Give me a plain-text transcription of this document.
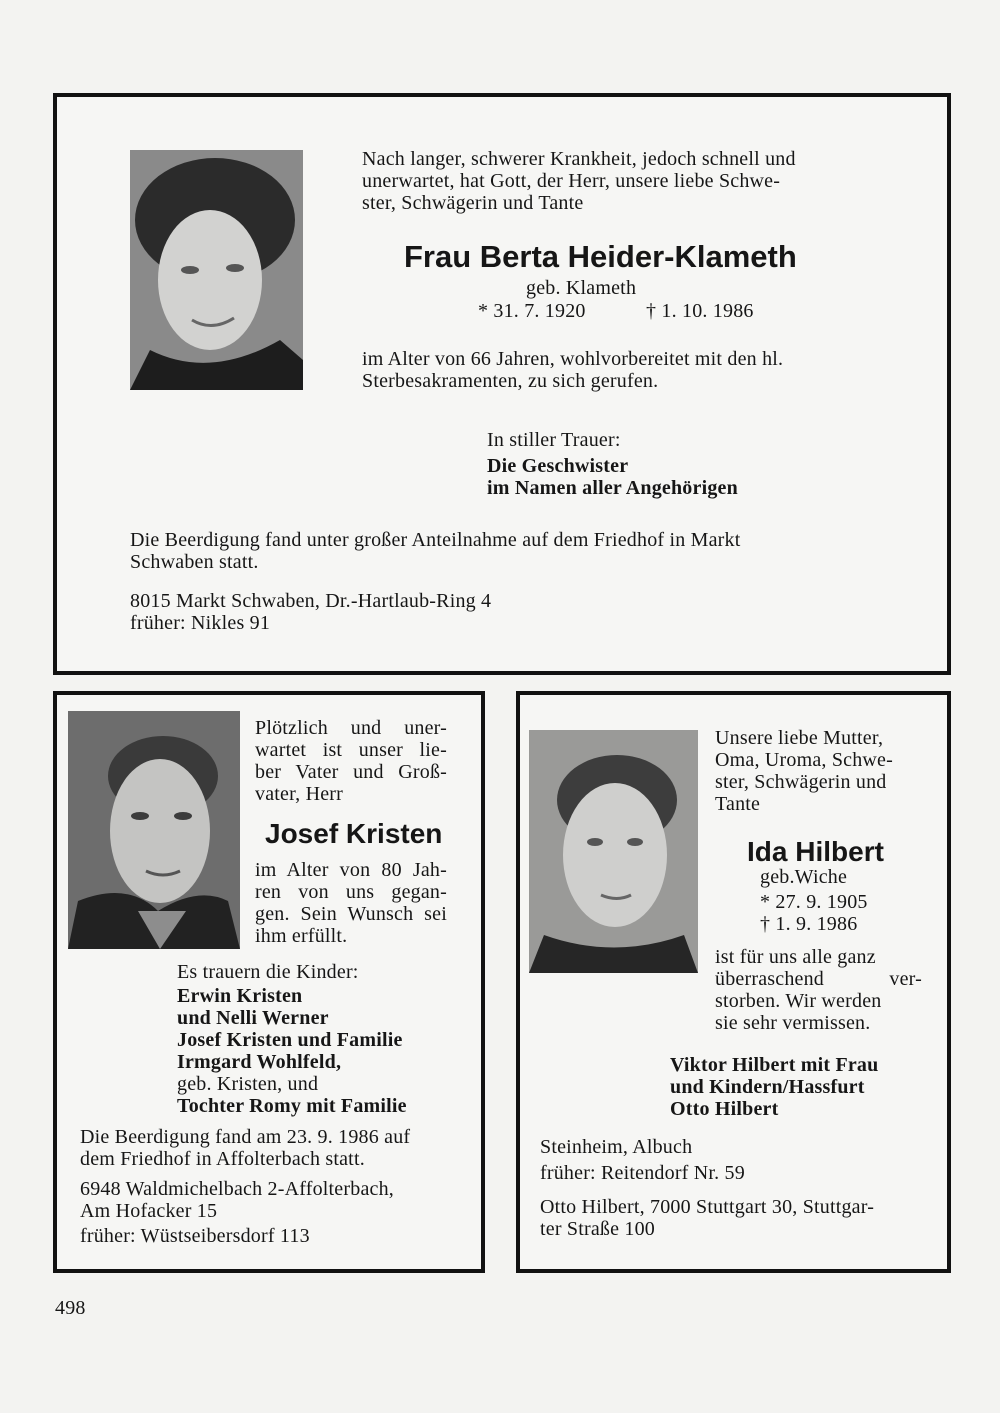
Nach langer, schwerer Krankheit, jedoch schnell und
unerwartet, hat Gott, der Herr, unsere liebe Schwe-
ster, Schwägerin und Tante
Frau Berta Heider-Klameth
geb. Klameth
* 31. 7. 1920	† 1. 10. 1986
im Alter von 66 Jahren, wohlvorbereitet mit den hl.
Sterbesakramenten, zu sich gerufen.
In stiller Trauer:
Die Geschwister
im Namen aller Angehörigen
Die Beerdigung fand unter großer Anteilnahme auf dem Friedhof in Markt
Schwaben statt.
8015 Markt Schwaben, Dr.-Hartlaub-Ring 4
früher: Nikles 91
Plötzlich und uner-
wartet ist unser lie-
ber Vater und Groß-
vater, Herr
Josef Kristen
im Alter von 80 Jah-
ren von uns gegan-
gen. Sein Wunsch sei
ihm erfüllt.
Es trauern die Kinder:
Erwin Kristen
und Nelli Werner
Josef Kristen und Familie
Irmgard Wohlfeld,
geb. Kristen, und
Tochter Romy mit Familie
Die Beerdigung fand am 23. 9. 1986 auf
dem Friedhof in Affolterbach statt.
6948 Waldmichelbach 2-Affolterbach,
Am Hofacker 15
früher: Wüstseibersdorf 113
Unsere liebe Mutter,
Oma, Uroma, Schwe-
ster, Schwägerin und
Tante
Ida Hilbert
geb.Wiche
* 27. 9. 1905
† 1. 9. 1986
ist für uns alle ganz
überraschend ver-
storben. Wir werden
sie sehr vermissen.
Viktor Hilbert mit Frau
und Kindern/Hassfurt
Otto Hilbert
Steinheim, Albuch
früher: Reitendorf Nr. 59
Otto Hilbert, 7000 Stuttgart 30, Stuttgar-
ter Straße 100
498
